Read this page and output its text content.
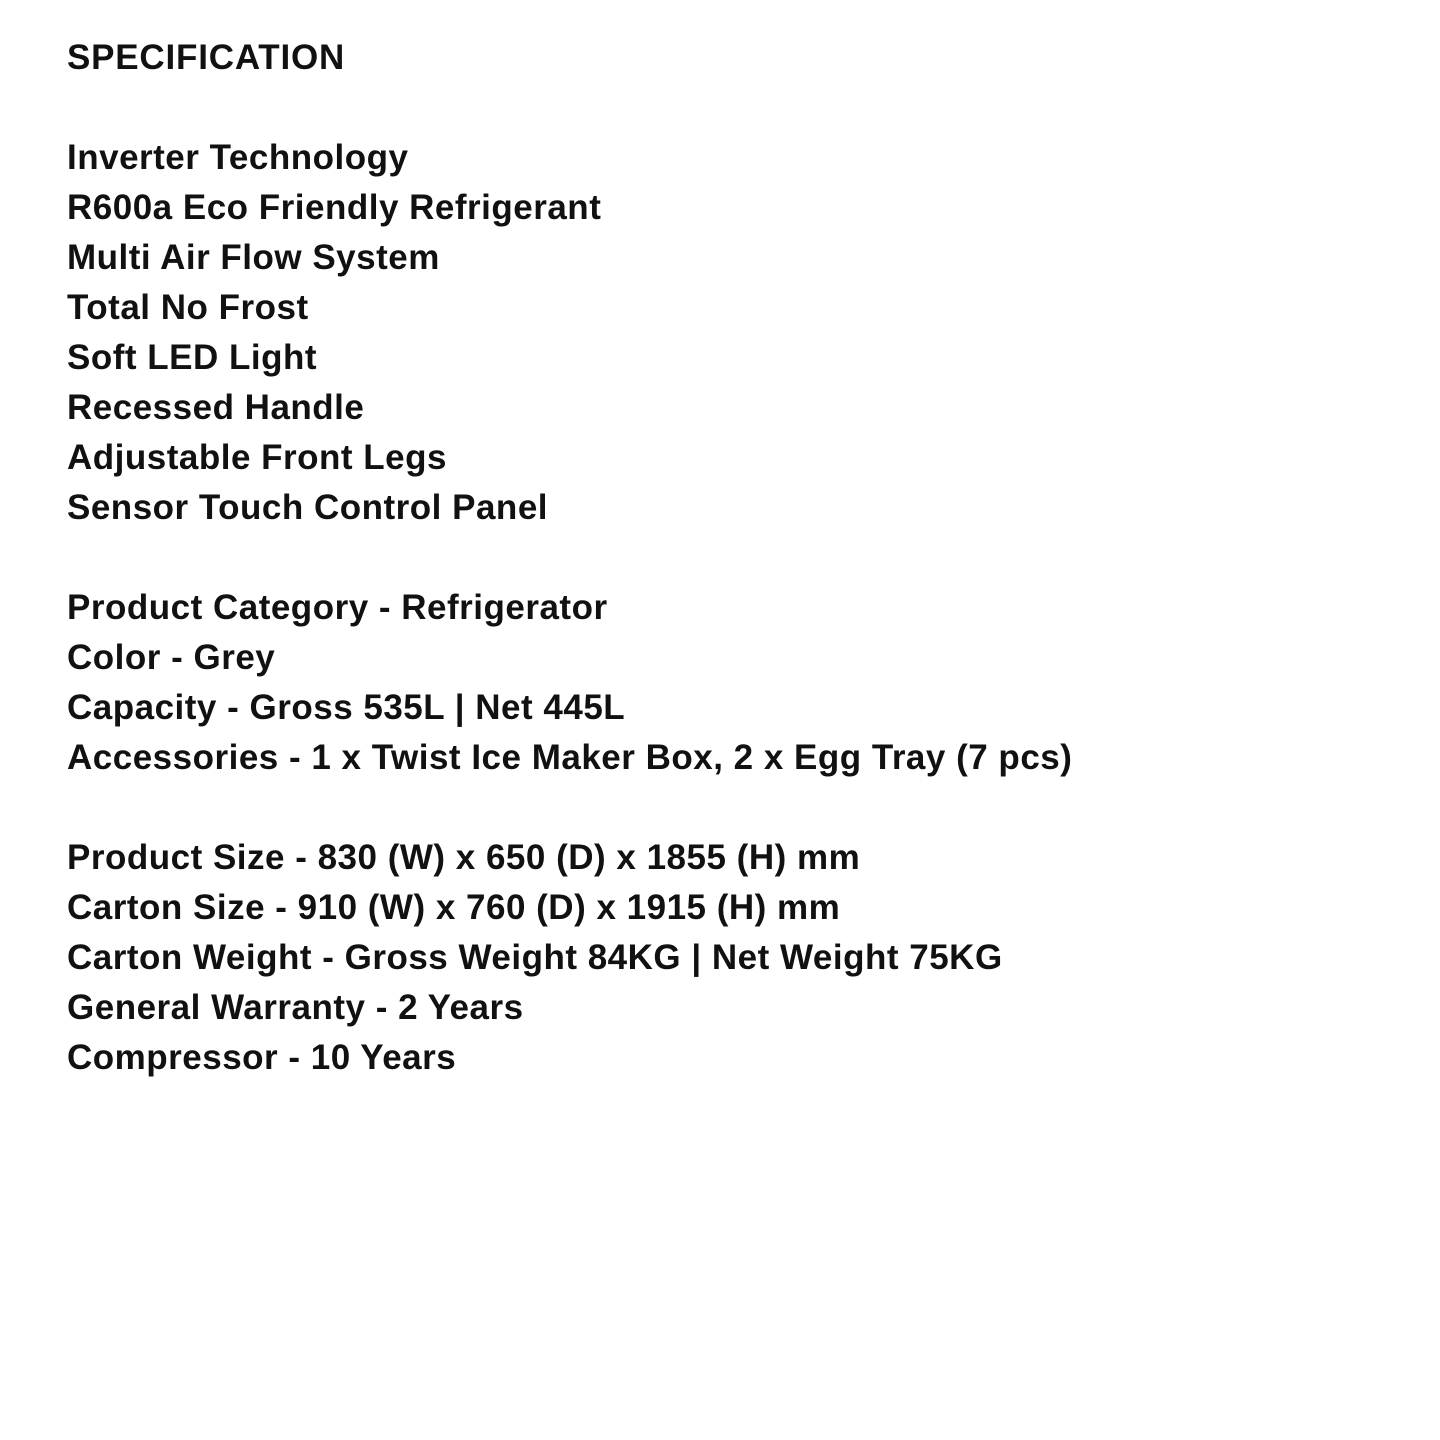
SPECIFICATION
Inverter Technology
R600a Eco Friendly Refrigerant
Multi Air Flow System
Total No Frost
Soft LED Light
Recessed Handle
Adjustable Front Legs
Sensor Touch Control Panel
Product Category - Refrigerator
Color - Grey
Capacity - Gross 535L | Net 445L
Accessories - 1 x Twist Ice Maker Box, 2 x Egg Tray (7 pcs)
Product Size - 830 (W) x 650 (D) x 1855 (H) mm
Carton Size - 910 (W) x 760 (D) x 1915 (H) mm
Carton Weight - Gross Weight 84KG | Net Weight 75KG
General Warranty - 2 Years
Compressor - 10 Years
